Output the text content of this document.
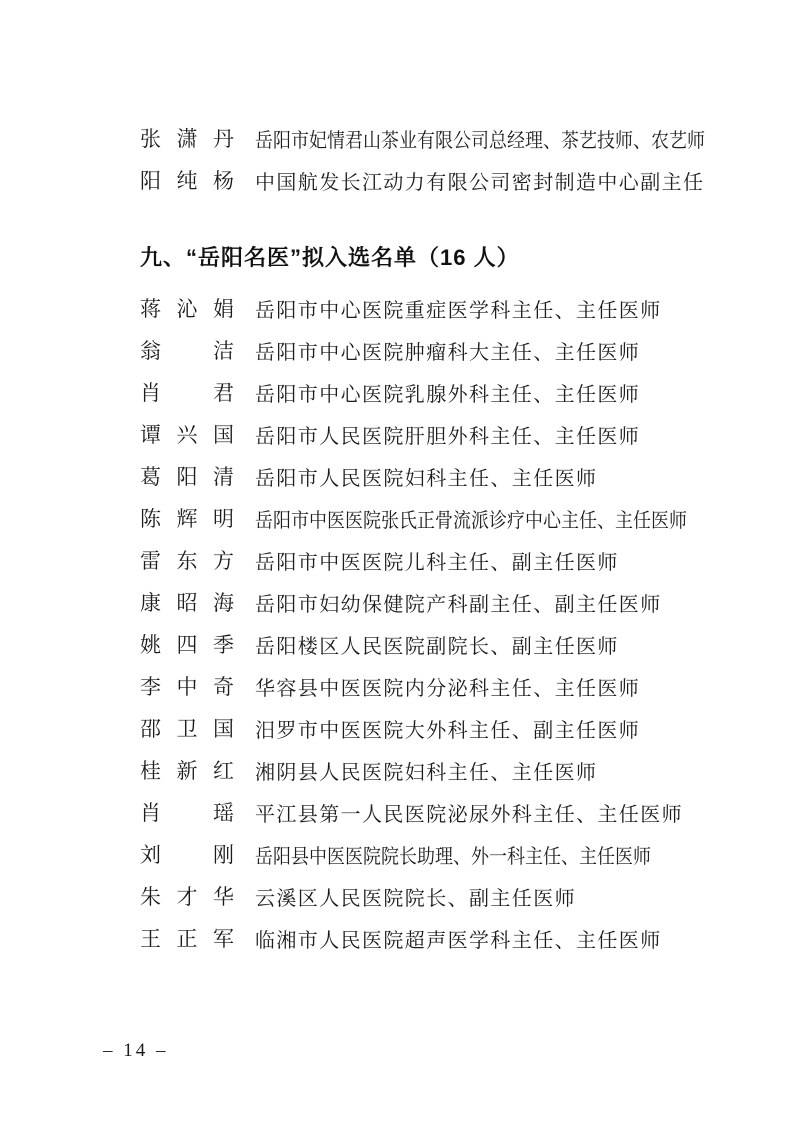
张潇丹 岳阳市妃情君山茶业有限公司总经理、茶艺技师、农艺师
阳纯杨 中国航发长江动力有限公司密封制造中心副主任
九、“岳阳名医”拟入选名单（16 人）
蒋沁娟 岳阳市中心医院重症医学科主任、主任医师
翁　洁 岳阳市中心医院肿瘤科大主任、主任医师
肖　君 岳阳市中心医院乳腺外科主任、主任医师
谭兴国 岳阳市人民医院肝胆外科主任、主任医师
葛阳清 岳阳市人民医院妇科主任、主任医师
陈辉明 岳阳市中医医院张氏正骨流派诊疗中心主任、主任医师
雷东方 岳阳市中医医院儿科主任、副主任医师
康昭海 岳阳市妇幼保健院产科副主任、副主任医师
姚四季 岳阳楼区人民医院副院长、副主任医师
李中奇 华容县中医医院内分泌科主任、主任医师
邵卫国 汨罗市中医医院大外科主任、副主任医师
桂新红 湘阴县人民医院妇科主任、主任医师
肖　瑶 平江县第一人民医院泌尿外科主任、主任医师
刘　刚 岳阳县中医医院院长助理、外一科主任、主任医师
朱才华 云溪区人民医院院长、副主任医师
王正军 临湘市人民医院超声医学科主任、主任医师
– 14 –
